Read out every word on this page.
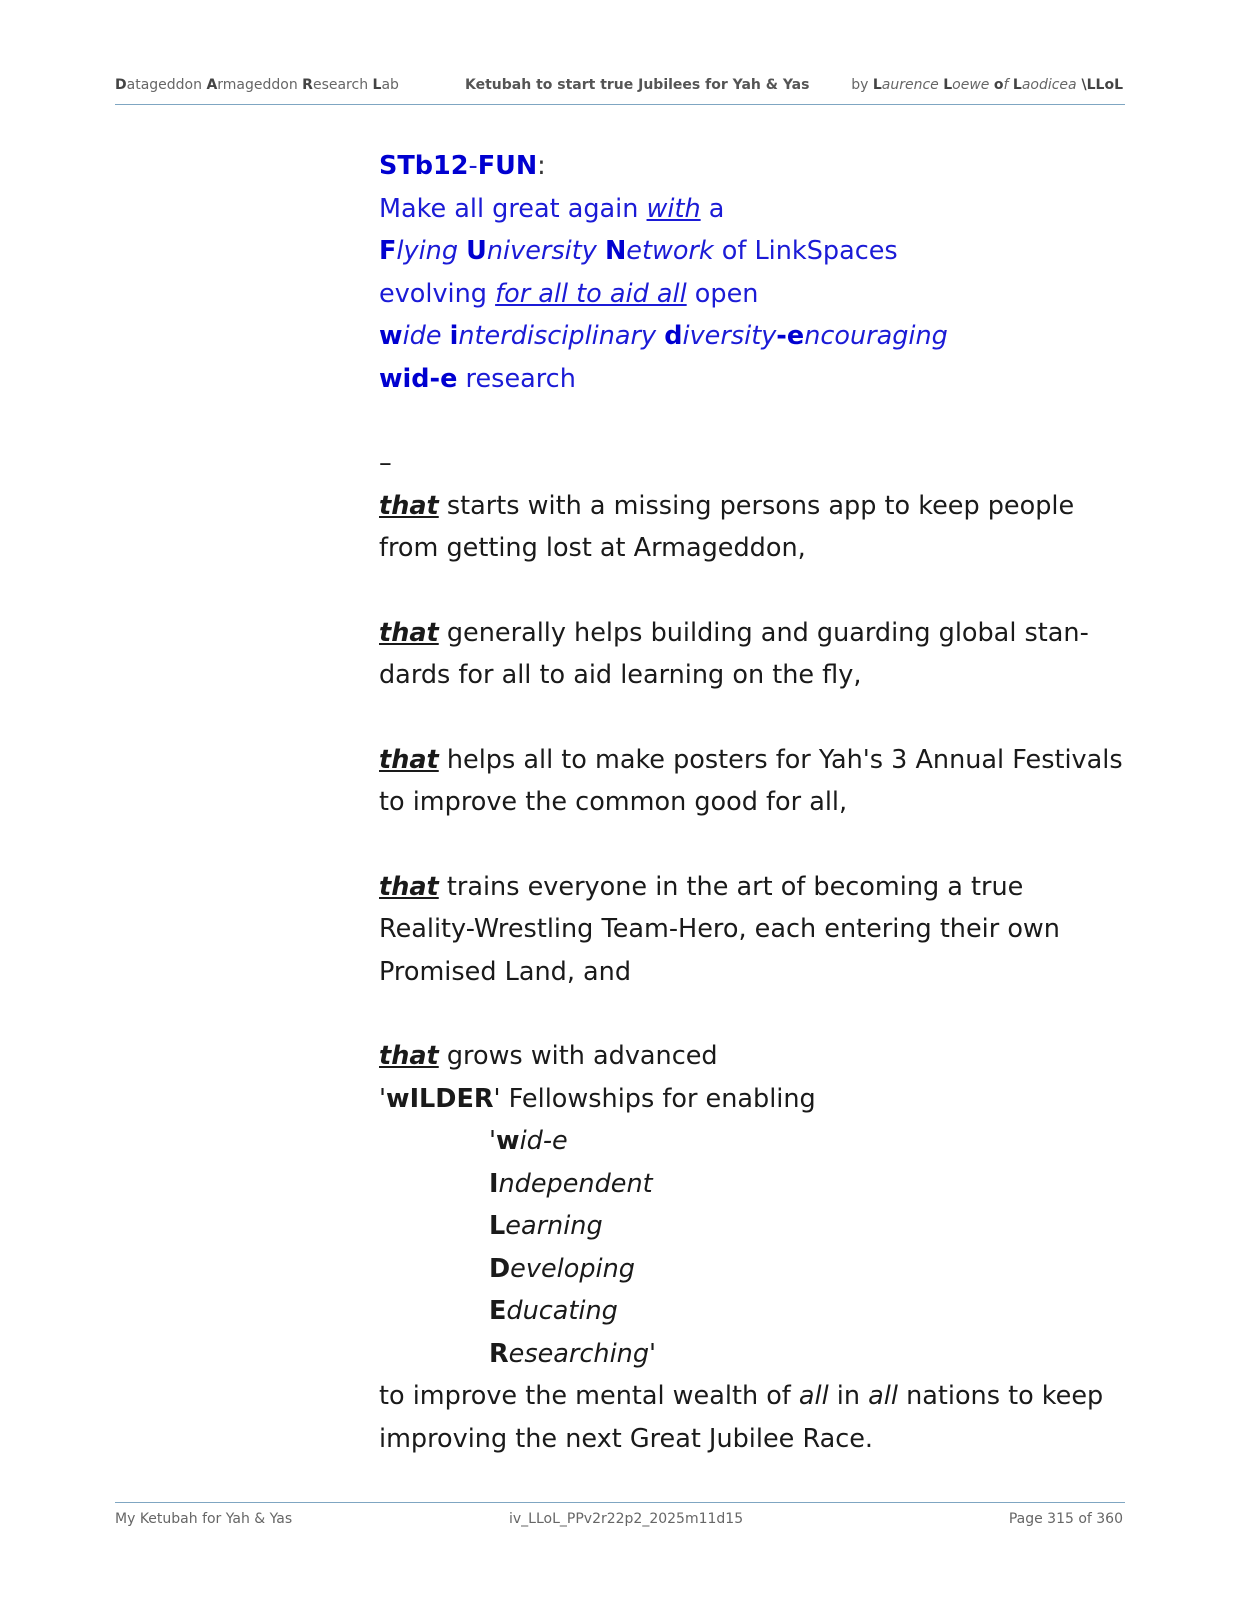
Datageddon Armageddon Research Lab	Ketubah to start true Jubilees for Yah & Yas	by Laurence Loewe of Laodicea \LLoL
STb12-FUN:
Make all great again with a
Flying University Network of LinkSpaces
evolving for all to aid all open
wide interdisciplinary diversity-encouraging
wid-e research
–
that starts with a missing persons app to keep people from getting lost at Armageddon,
that generally helps building and guarding global stan-dards for all to aid learning on the fly,
that helps all to make posters for Yah's 3 Annual Festivals to improve the common good for all,
that trains everyone in the art of becoming a true Reality-Wrestling Team-Hero, each entering their own Promised Land, and
that grows with advanced
'wILDER' Fellowships for enabling
'wid-e
Independent
Learning
Developing
Educating
Researching'
to improve the mental wealth of all in all nations to keep improving the next Great Jubilee Race.
My Ketubah for Yah & Yas	iv_LLoL_PPv2r22p2_2025m11d15	Page 315 of 360
